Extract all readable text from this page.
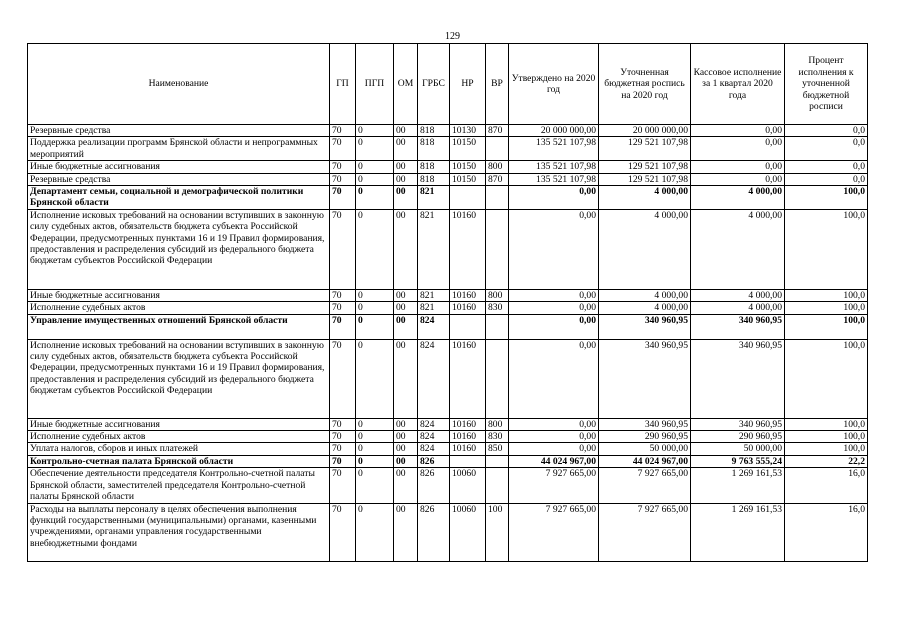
129
Наименование	ГП	ПГП	ОМ	ГРБС	НР	ВР	Утверждено на 2020 год	Уточненная бюджетная роспись на 2020 год	Кассовое исполнение за 1 квартал 2020 года	Процент исполнения к уточненной бюджетной росписи
Резервные средства	70	0	00	818	10130	870	20 000 000,00	20 000 000,00	0,00	0,0
Поддержка реализации программ Брянской области и непрограммных мероприятий	70	0	00	818	10150		135 521 107,98	129 521 107,98	0,00	0,0
Иные бюджетные ассигнования	70	0	00	818	10150	800	135 521 107,98	129 521 107,98	0,00	0,0
Резервные средства	70	0	00	818	10150	870	135 521 107,98	129 521 107,98	0,00	0,0
Департамент семьи, социальной и демографической политики Брянской области	70	0	00	821			0,00	4 000,00	4 000,00	100,0
Исполнение исковых требований на основании вступивших в законную силу судебных актов, обязательств бюджета субъекта Российской Федерации, предусмотренных пунктами 16 и 19 Правил формирования, предоставления и распределения субсидий из федерального бюджета бюджетам субъектов Российской Федерации	70	0	00	821	10160		0,00	4 000,00	4 000,00	100,0
Иные бюджетные ассигнования	70	0	00	821	10160	800	0,00	4 000,00	4 000,00	100,0
Исполнение судебных актов	70	0	00	821	10160	830	0,00	4 000,00	4 000,00	100,0
Управление имущественных отношений Брянской области	70	0	00	824			0,00	340 960,95	340 960,95	100,0
Исполнение исковых требований на основании вступивших в законную силу судебных актов, обязательств бюджета субъекта Российской Федерации, предусмотренных пунктами 16 и 19 Правил формирования, предоставления и распределения субсидий из федерального бюджета бюджетам субъектов Российской Федерации	70	0	00	824	10160		0,00	340 960,95	340 960,95	100,0
Иные бюджетные ассигнования	70	0	00	824	10160	800	0,00	340 960,95	340 960,95	100,0
Исполнение судебных актов	70	0	00	824	10160	830	0,00	290 960,95	290 960,95	100,0
Уплата налогов, сборов и иных платежей	70	0	00	824	10160	850	0,00	50 000,00	50 000,00	100,0
Контрольно-счетная палата Брянской области	70	0	00	826			44 024 967,00	44 024 967,00	9 763 555,24	22,2
Обеспечение деятельности председателя Контрольно-счетной палаты Брянской области, заместителей председателя Контрольно-счетной палаты Брянской области	70	0	00	826	10060		7 927 665,00	7 927 665,00	1 269 161,53	16,0
Расходы на выплаты персоналу в целях обеспечения выполнения функций государственными (муниципальными) органами, казенными учреждениями, органами управления государственными внебюджетными фондами	70	0	00	826	10060	100	7 927 665,00	7 927 665,00	1 269 161,53	16,0
